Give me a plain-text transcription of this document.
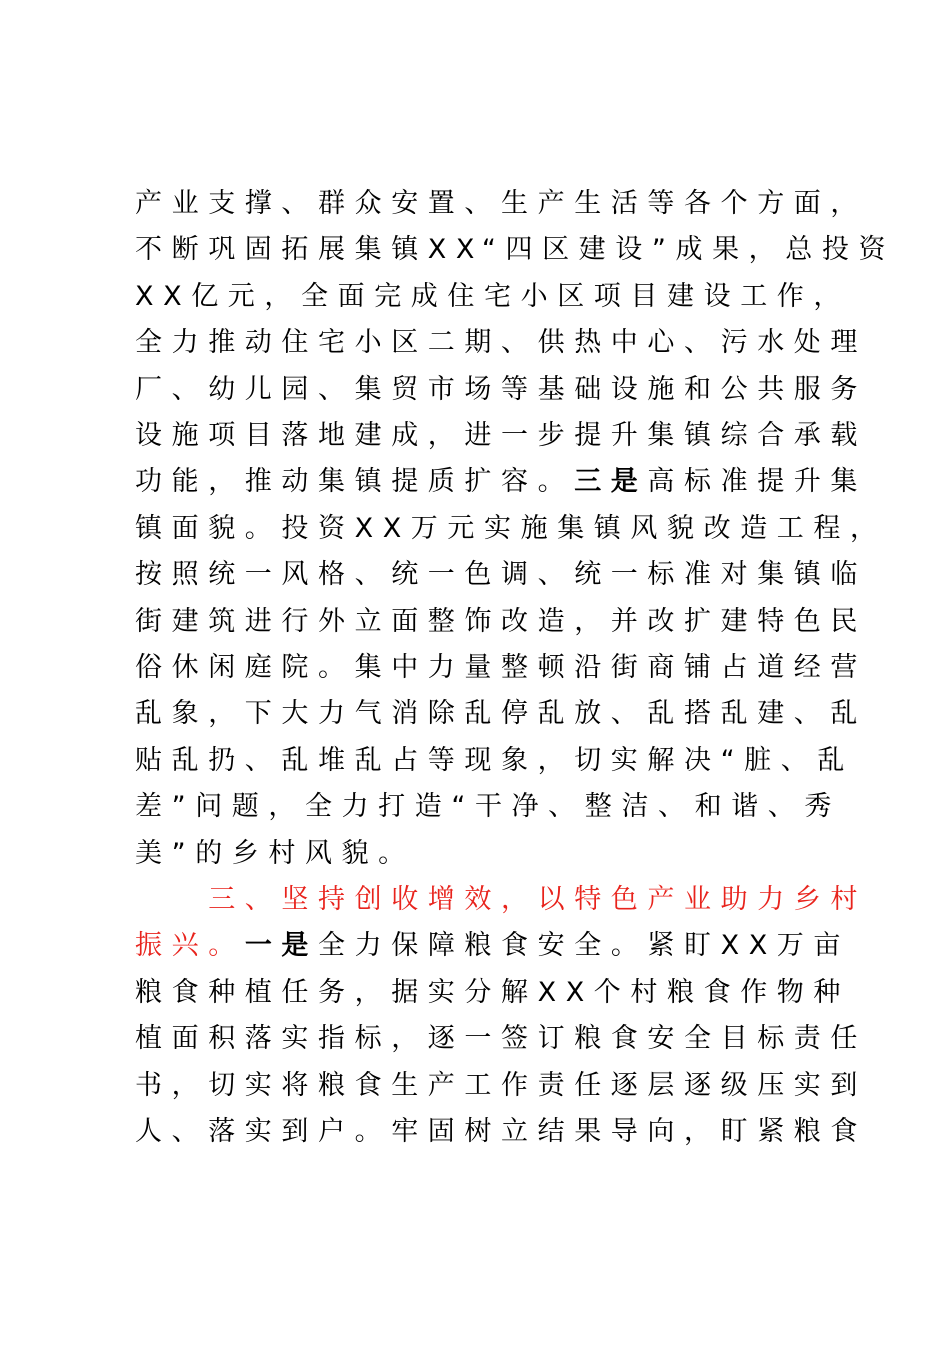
产业支撑、群众安置、生产生活等各个方面，
不断巩固拓展集镇XX“四区建设”成果，总投资
XX亿元，全面完成住宅小区项目建设工作，
全力推动住宅小区二期、供热中心、污水处理
厂、幼儿园、集贸市场等基础设施和公共服务
设施项目落地建成，进一步提升集镇综合承载
功能，推动集镇提质扩容。三是高标准提升集
镇面貌。投资XX万元实施集镇风貌改造工程，
按照统一风格、统一色调、统一标准对集镇临
街建筑进行外立面整饰改造，并改扩建特色民
俗休闲庭院。集中力量整顿沿街商铺占道经营
乱象，下大力气消除乱停乱放、乱搭乱建、乱
贴乱扔、乱堆乱占等现象，切实解决“脏、乱
差”问题，全力打造“干净、整洁、和谐、秀
美”的乡村风貌。
　　三、坚持创收增效，以特色产业助力乡村
振兴。一是全力保障粮食安全。紧盯XX万亩
粮食种植任务，据实分解XX个村粮食作物种
植面积落实指标，逐一签订粮食安全目标责任
书，切实将粮食生产工作责任逐层逐级压实到
人、落实到户。牢固树立结果导向，盯紧粮食
